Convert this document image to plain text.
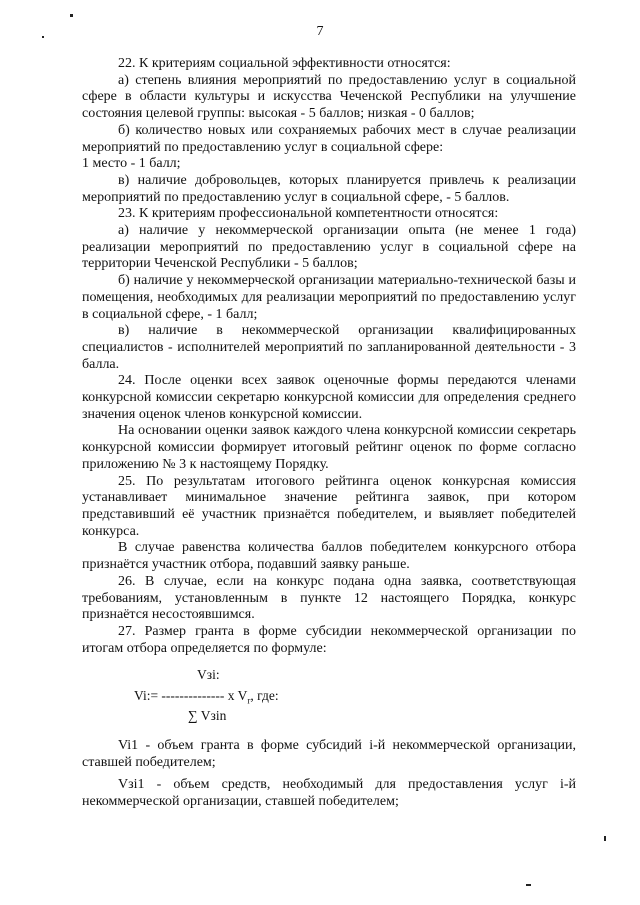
7

22. К критериям социальной эффективности относятся:

а) степень влияния мероприятий по предоставлению услуг в социальной сфере в области культуры и искусства Чеченской Республики на улучшение состояния целевой группы: высокая - 5 баллов; низкая - 0 баллов;

б) количество новых или сохраняемых рабочих мест в случае реализации мероприятий по предоставлению услуг в социальной сфере:

1 место - 1 балл;

в) наличие добровольцев, которых планируется привлечь к реализации мероприятий по предоставлению услуг в социальной сфере, - 5 баллов.

23. К критериям профессиональной компетентности относятся:

а) наличие у некоммерческой организации опыта (не менее 1 года) реализации мероприятий по предоставлению услуг в социальной сфере на территории Чеченской Республики - 5 баллов;

б) наличие у некоммерческой организации материально-технической базы и помещения, необходимых для реализации мероприятий по предоставлению услуг в социальной сфере, - 1 балл;

в) наличие в некоммерческой организации квалифицированных специалистов - исполнителей мероприятий по запланированной деятельности - 3 балла.

24. После оценки всех заявок оценочные формы передаются членами конкурсной комиссии секретарю конкурсной комиссии для определения среднего значения оценок членов конкурсной комиссии.

На основании оценки заявок каждого члена конкурсной комиссии секретарь конкурсной комиссии формирует итоговый рейтинг оценок по форме согласно приложению № 3 к настоящему Порядку.

25. По результатам итогового рейтинга оценок конкурсная комиссия устанавливает минимальное значение рейтинга заявок, при котором представивший её участник признаётся победителем, и выявляет победителей конкурса.

В случае равенства количества баллов победителем конкурсного отбора признаётся участник отбора, подавший заявку раньше.

26. В случае, если на конкурс подана одна заявка, соответствующая требованиям, установленным в пункте 12 настоящего Порядка, конкурс признаётся несостоявшимся.

27. Размер гранта в форме субсидии некоммерческой организации по итогам отбора определяется по формуле:

Vзi:
Vi:= -------------- x $V_r$, где:
∑ Vзin

Vi1 - объем гранта в форме субсидий i-й некоммерческой организации, ставшей победителем;

Vзi1 - объем средств, необходимый для предоставления услуг i-й некоммерческой организации, ставшей победителем;
